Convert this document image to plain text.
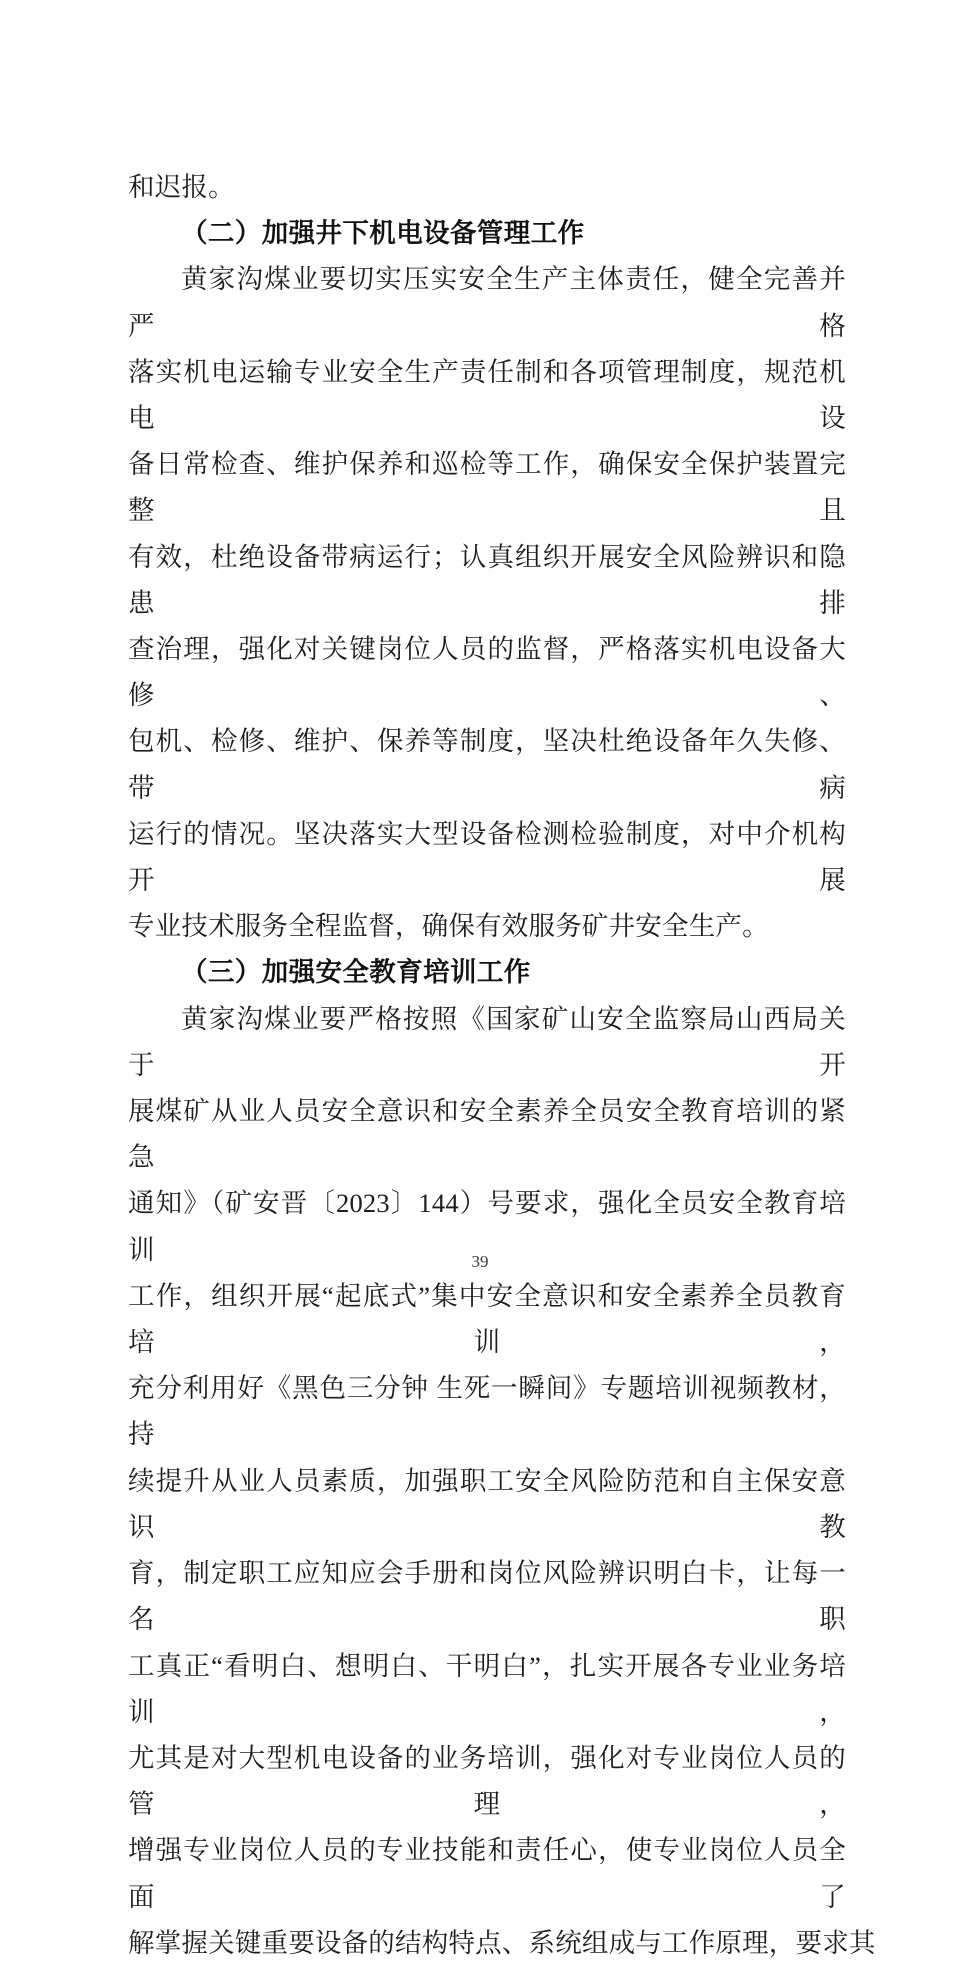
和迟报。
（二）加强井下机电设备管理工作
黄家沟煤业要切实压实安全生产主体责任，健全完善并严格
落实机电运输专业安全生产责任制和各项管理制度，规范机电设
备日常检查、维护保养和巡检等工作，确保安全保护装置完整且
有效，杜绝设备带病运行；认真组织开展安全风险辨识和隐患排
查治理，强化对关键岗位人员的监督，严格落实机电设备大修、
包机、检修、维护、保养等制度，坚决杜绝设备年久失修、带病
运行的情况。坚决落实大型设备检测检验制度，对中介机构开展
专业技术服务全程监督，确保有效服务矿井安全生产。
（三）加强安全教育培训工作
黄家沟煤业要严格按照《国家矿山安全监察局山西局关于开
展煤矿从业人员安全意识和安全素养全员安全教育培训的紧急
通知》（矿安晋〔2023〕144）号要求，强化全员安全教育培训
工作，组织开展“起底式”集中安全意识和安全素养全员教育培训，
充分利用好《黑色三分钟 生死一瞬间》专题培训视频教材，持
续提升从业人员素质，加强职工安全风险防范和自主保安意识教
育，制定职工应知应会手册和岗位风险辨识明白卡，让每一名职
工真正“看明白、想明白、干明白”，扎实开展各专业业务培训，
尤其是对大型机电设备的业务培训，强化对专业岗位人员的管理，
增强专业岗位人员的专业技能和责任心，使专业岗位人员全面了
解掌握关键重要设备的结构特点、系统组成与工作原理，要求其
39
